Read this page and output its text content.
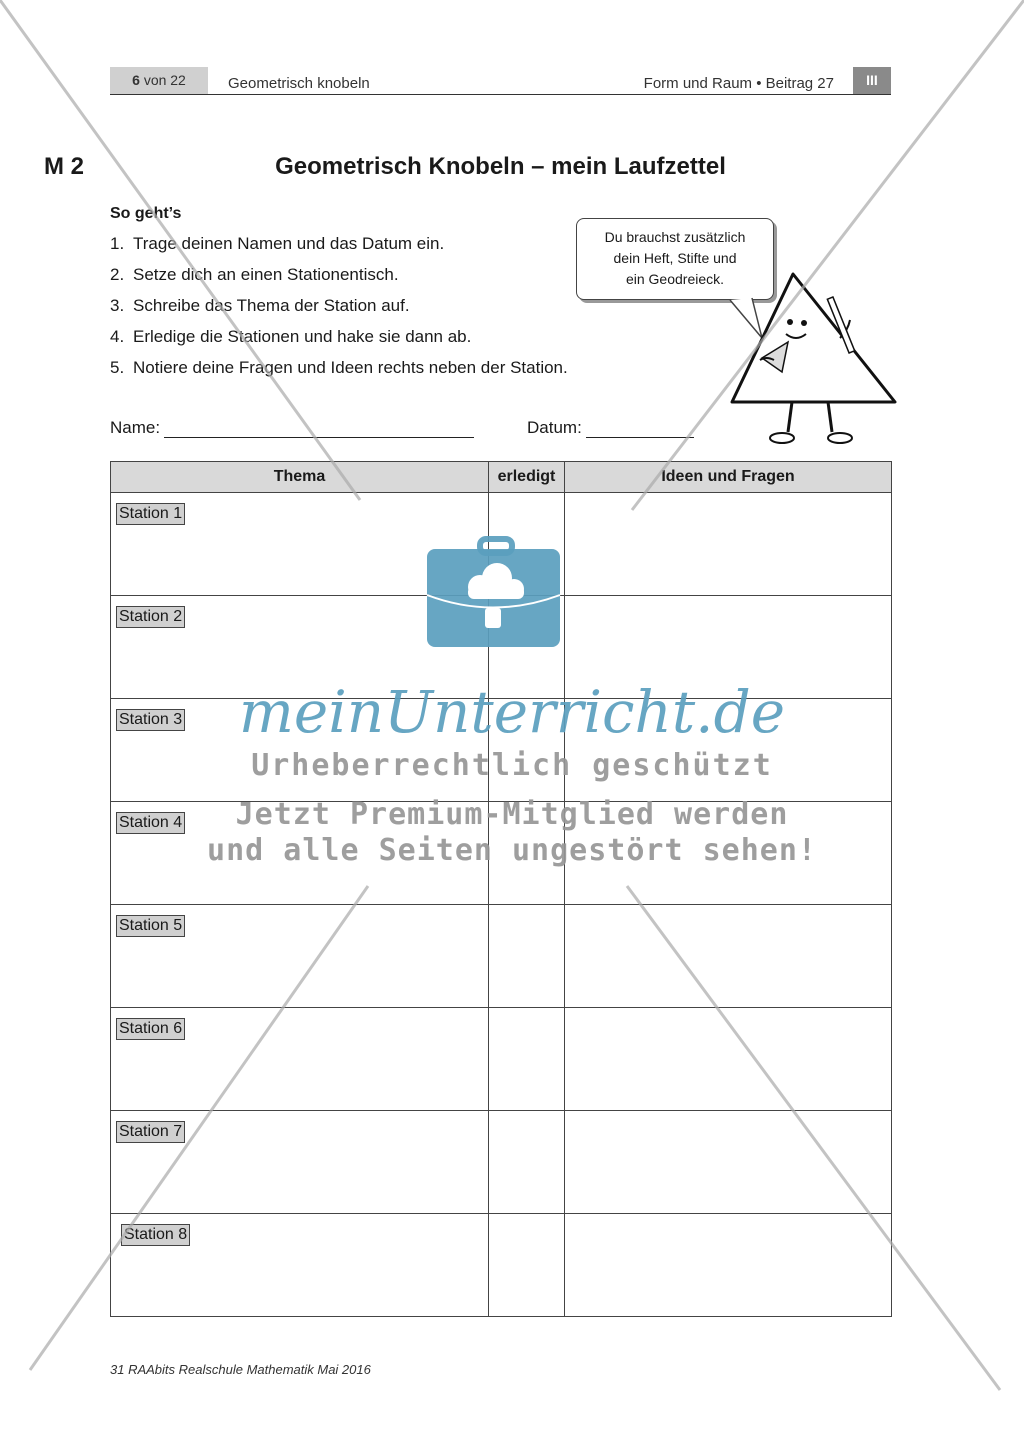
6 von 22	Geometrisch knobeln	Form und Raum • Beitrag 27	III
M 2	Geometrisch Knobeln – mein Laufzettel
So geht’s
1. Trage deinen Namen und das Datum ein.
2. Setze dich an einen Stationentisch.
3. Schreibe das Thema der Station auf.
4. Erledige die Stationen und hake sie dann ab.
5. Notiere deine Fragen und Ideen rechts neben der Station.
Du brauchst zusätzlich
dein Heft, Stifte und
ein Geodreieck.
Name:	Datum:
Thema	erledigt	Ideen und Fragen
Station 1		
Station 2		
Station 3		
Station 4		
Station 5		
Station 6		
Station 7		
Station 8		
31 RAAbits Realschule Mathematik Mai 2016
meinUnterricht.de
Urheberrechtlich geschützt
Jetzt Premium-Mitglied werden
und alle Seiten ungestört sehen!
